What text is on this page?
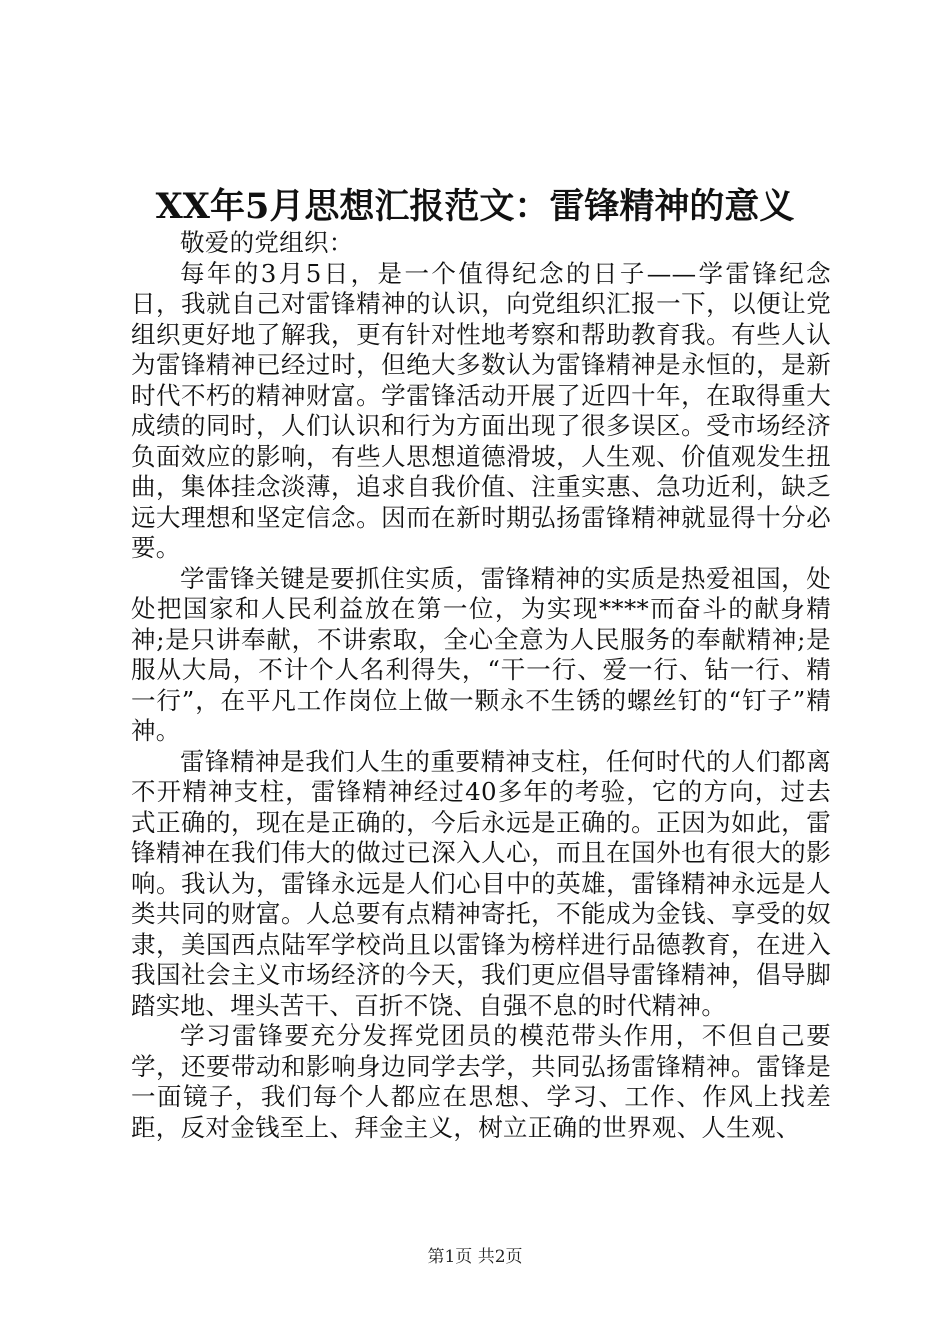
XX年5月思想汇报范文：雷锋精神的意义

敬爱的党组织：

每年的3月5日，是一个值得纪念的日子——学雷锋纪念日，我就自己对雷锋精神的认识，向党组织汇报一下，以便让党组织更好地了解我，更有针对性地考察和帮助教育我。有些人认为雷锋精神已经过时，但绝大多数认为雷锋精神是永恒的，是新时代不朽的精神财富。学雷锋活动开展了近四十年，在取得重大成绩的同时，人们认识和行为方面出现了很多误区。受市场经济负面效应的影响，有些人思想道德滑坡，人生观、价值观发生扭曲，集体挂念淡薄，追求自我价值、注重实惠、急功近利，缺乏远大理想和坚定信念。因而在新时期弘扬雷锋精神就显得十分必要。

学雷锋关键是要抓住实质，雷锋精神的实质是热爱祖国，处处把国家和人民利益放在第一位，为实现****而奋斗的献身精神;是只讲奉献，不讲索取，全心全意为人民服务的奉献精神;是服从大局，不计个人名利得失，“干一行、爱一行、钻一行、精一行”，在平凡工作岗位上做一颗永不生锈的螺丝钉的“钉子”精神。

雷锋精神是我们人生的重要精神支柱，任何时代的人们都离不开精神支柱，雷锋精神经过40多年的考验，它的方向，过去式正确的，现在是正确的，今后永远是正确的。正因为如此，雷锋精神在我们伟大的做过已深入人心，而且在国外也有很大的影响。我认为，雷锋永远是人们心目中的英雄，雷锋精神永远是人类共同的财富。人总要有点精神寄托，不能成为金钱、享受的奴隶，美国西点陆军学校尚且以雷锋为榜样进行品德教育，在进入我国社会主义市场经济的今天，我们更应倡导雷锋精神，倡导脚踏实地、埋头苦干、百折不饶、自强不息的时代精神。

学习雷锋要充分发挥党团员的模范带头作用，不但自己要学，还要带动和影响身边同学去学，共同弘扬雷锋精神。雷锋是一面镜子，我们每个人都应在思想、学习、工作、作风上找差距，反对金钱至上、拜金主义，树立正确的世界观、人生观、

第1页 共2页
